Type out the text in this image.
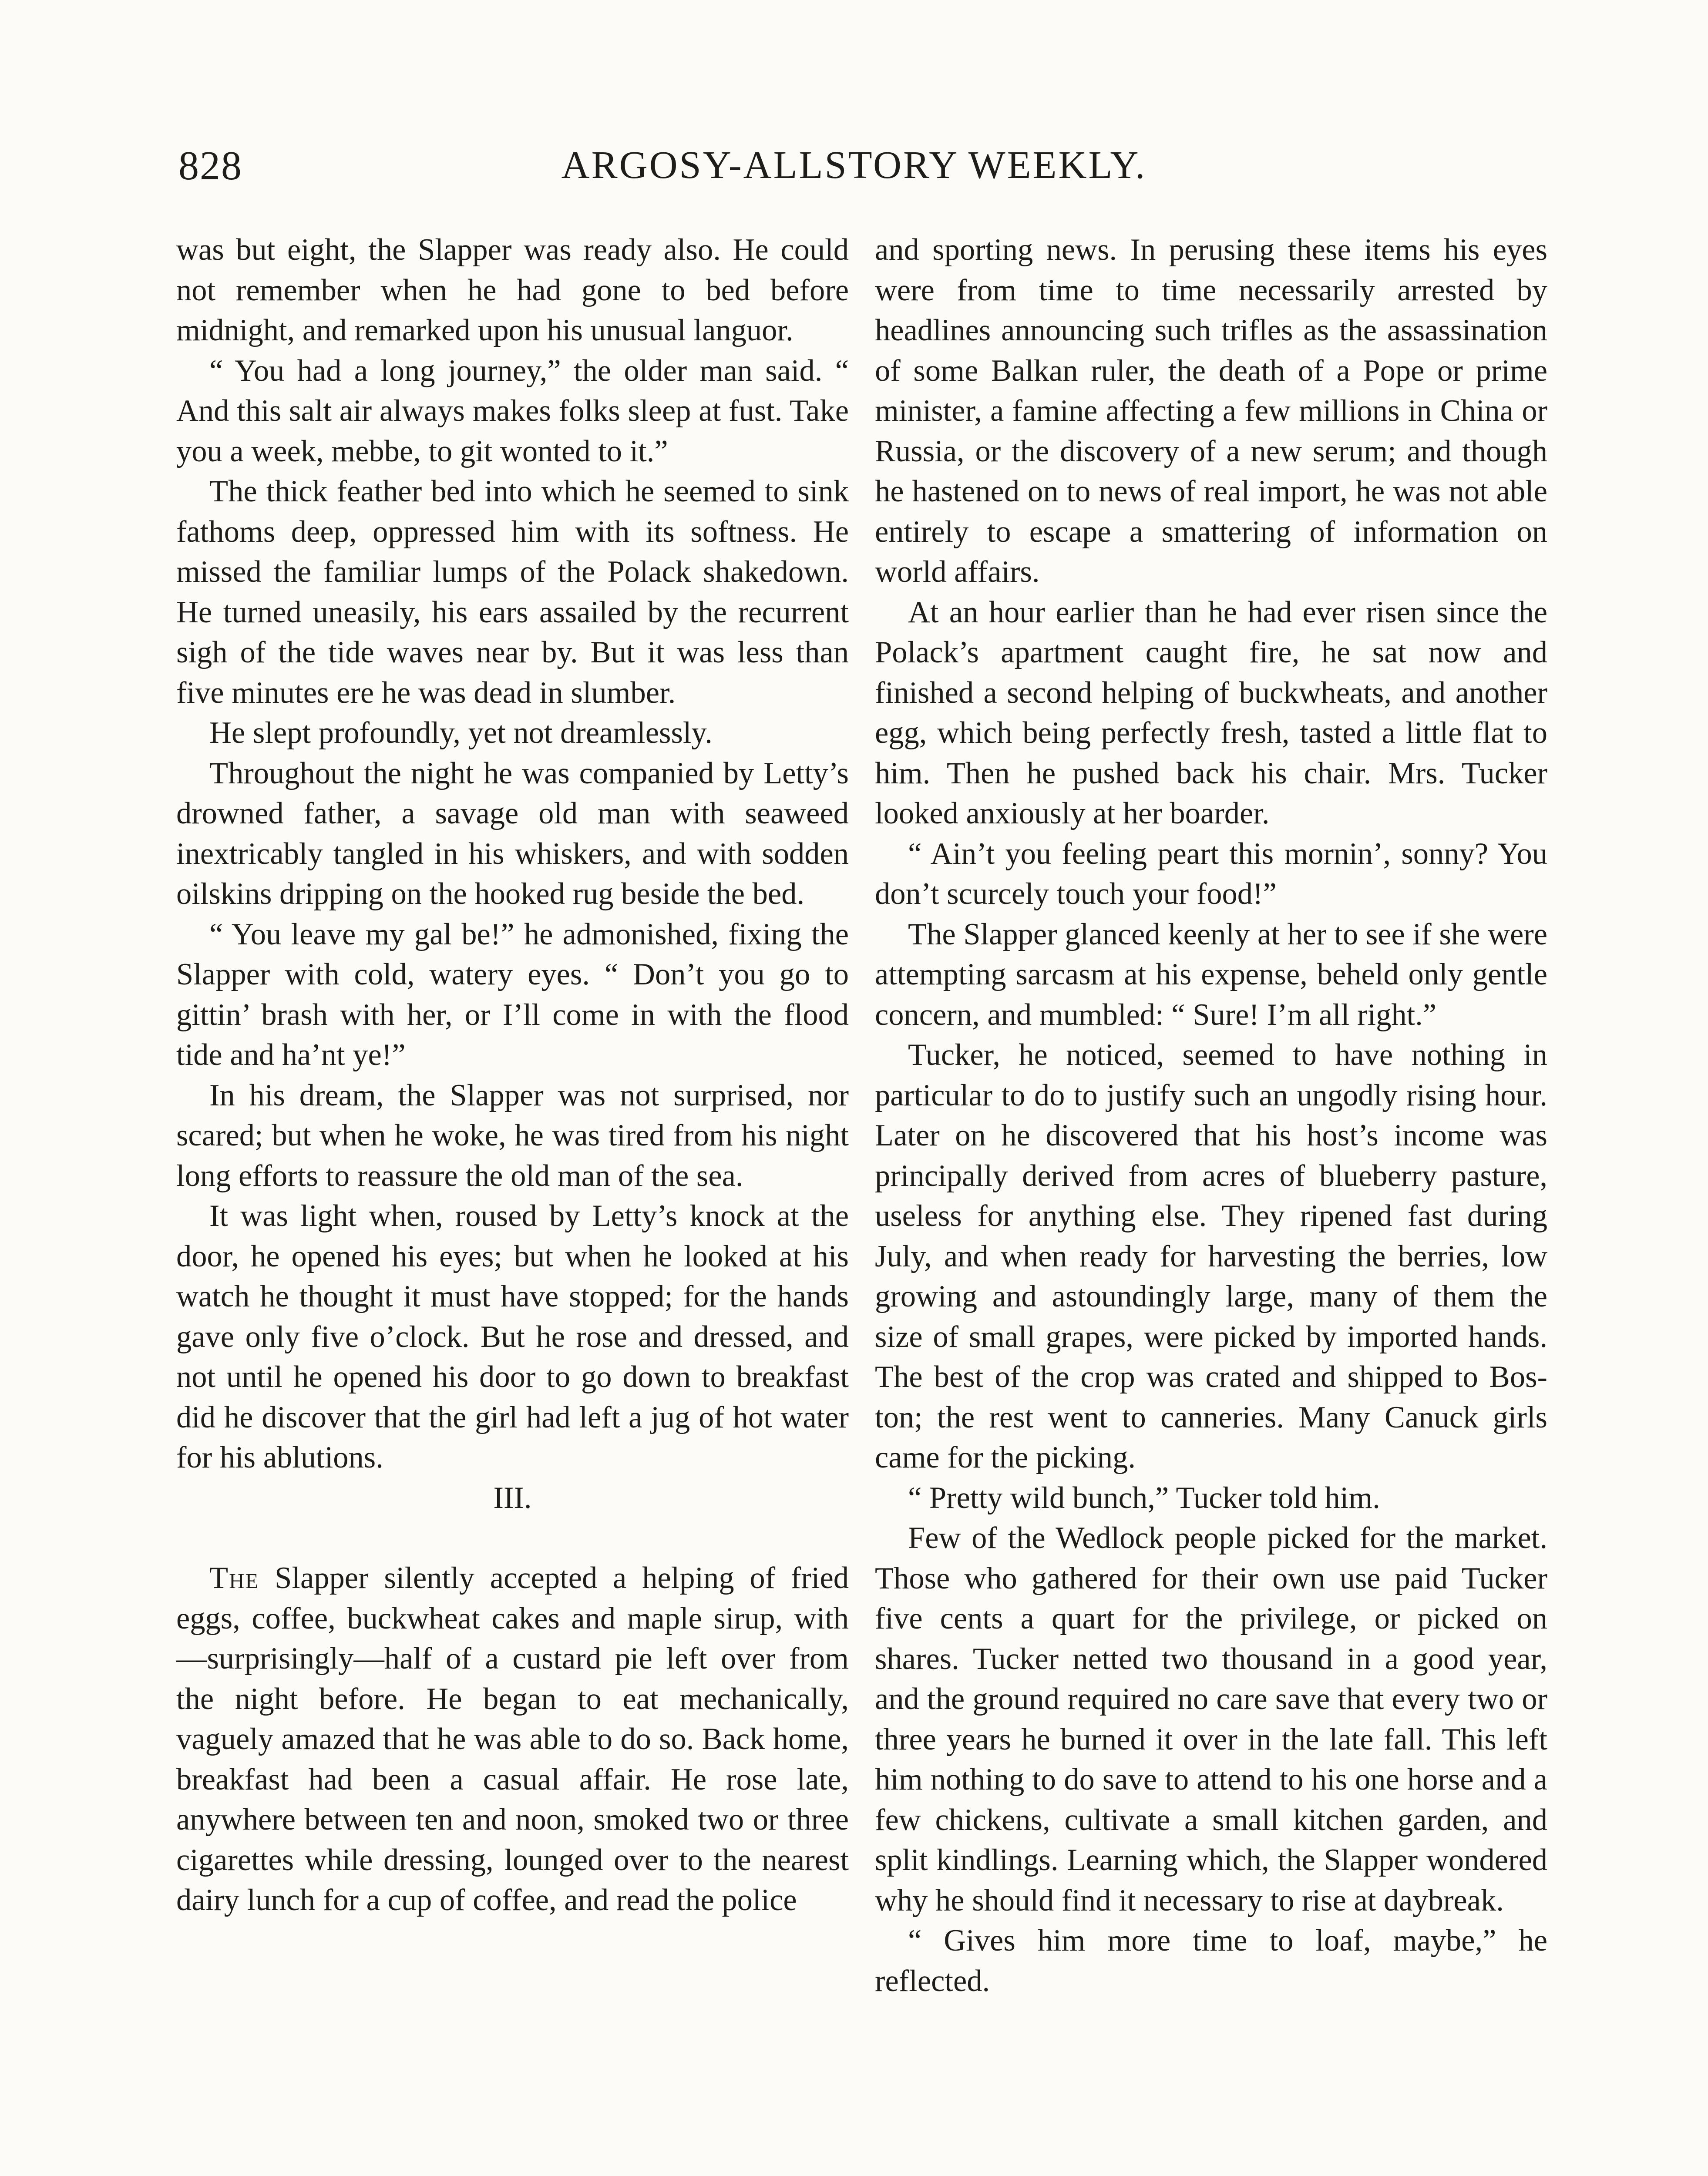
828	ARGOSY-ALLSTORY WEEKLY.

was but eight, the Slapper was ready also. He could not remember when he had gone to bed before midnight, and remarked upon his unusual languor.

“ You had a long journey,” the older man said. “ And this salt air always makes folks sleep at fust. Take you a week, mebbe, to git wonted to it.”

The thick feather bed into which he seemed to sink fathoms deep, oppressed him with its softness. He missed the familiar lumps of the Polack shakedown. He turned uneasily, his ears assailed by the recurrent sigh of the tide waves near by. But it was less than five minutes ere he was dead in slumber.

He slept profoundly, yet not dreamlessly.

Throughout the night he was companied by Letty’s drowned father, a savage old man with seaweed inextricably tangled in his whiskers, and with sodden oilskins dripping on the hooked rug beside the bed.

“ You leave my gal be!” he admonished, fixing the Slapper with cold, watery eyes. “ Don’t you go to gittin’ brash with her, or I’ll come in with the flood tide and ha’nt ye!”

In his dream, the Slapper was not surprised, nor scared; but when he woke, he was tired from his night long efforts to reassure the old man of the sea.

It was light when, roused by Letty’s knock at the door, he opened his eyes; but when he looked at his watch he thought it must have stopped; for the hands gave only five o’clock. But he rose and dressed, and not until he opened his door to go down to breakfast did he discover that the girl had left a jug of hot water for his ablutions.

III.

The Slapper silently accepted a helping of fried eggs, coffee, buckwheat cakes and maple sirup, with—surprisingly—half of a custard pie left over from the night before. He began to eat mechanically, vaguely amazed that he was able to do so. Back home, breakfast had been a casual affair. He rose late, anywhere between ten and noon, smoked two or three cigarettes while dressing, lounged over to the nearest dairy lunch for a cup of coffee, and read the police

and sporting news. In perusing these items his eyes were from time to time necessarily arrested by headlines announcing such trifles as the assassination of some Balkan ruler, the death of a Pope or prime minister, a famine affecting a few millions in China or Russia, or the discovery of a new serum; and though he hastened on to news of real import, he was not able entirely to escape a smattering of information on world affairs.

At an hour earlier than he had ever risen since the Polack’s apartment caught fire, he sat now and finished a second helping of buckwheats, and another egg, which being perfectly fresh, tasted a little flat to him. Then he pushed back his chair. Mrs. Tucker looked anxiously at her boarder.

“ Ain’t you feeling peart this mornin’, sonny? You don’t scurcely touch your food!”

The Slapper glanced keenly at her to see if she were attempting sarcasm at his expense, beheld only gentle concern, and mumbled: “ Sure! I’m all right.”

Tucker, he noticed, seemed to have nothing in particular to do to justify such an ungodly rising hour. Later on he discovered that his host’s income was principally derived from acres of blueberry pasture, useless for anything else. They ripened fast during July, and when ready for harvesting the berries, low growing and astoundingly large, many of them the size of small grapes, were picked by imported hands. The best of the crop was crated and shipped to Boston; the rest went to canneries. Many Canuck girls came for the picking.

“ Pretty wild bunch,” Tucker told him.

Few of the Wedlock people picked for the market. Those who gathered for their own use paid Tucker five cents a quart for the privilege, or picked on shares. Tucker netted two thousand in a good year, and the ground required no care save that every two or three years he burned it over in the late fall. This left him nothing to do save to attend to his one horse and a few chickens, cultivate a small kitchen garden, and split kindlings. Learning which, the Slapper wondered why he should find it necessary to rise at daybreak.

“ Gives him more time to loaf, maybe,” he reflected.
